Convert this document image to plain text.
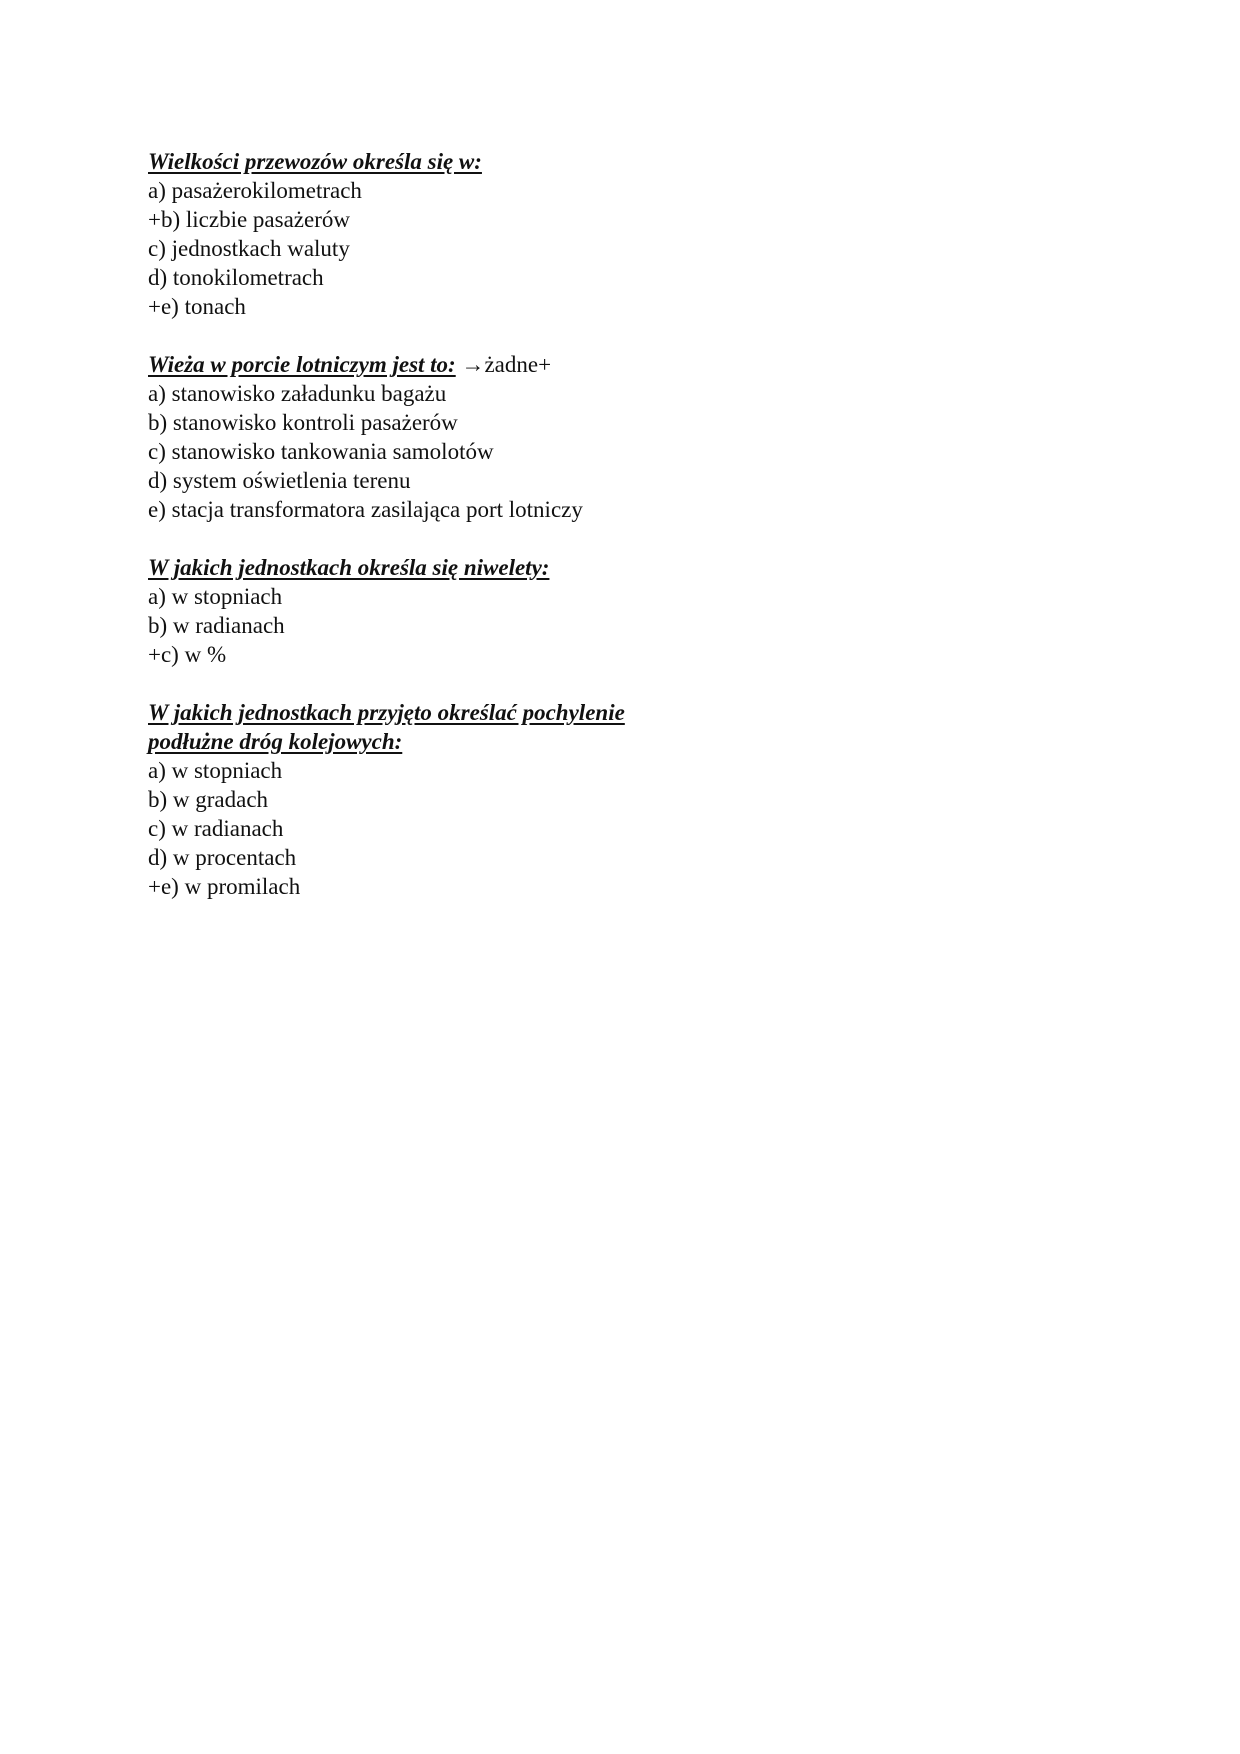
Wielkości przewozów określa się w:
a) pasażerokilometrach
+b) liczbie pasażerów
c) jednostkach waluty
d) tonokilometrach
+e) tonach
Wieża w porcie lotniczym jest to: →żadne+
a) stanowisko załadunku bagażu
b) stanowisko kontroli pasażerów
c) stanowisko tankowania samolotów
d) system oświetlenia terenu
e) stacja transformatora zasilająca port lotniczy
W jakich jednostkach określa się niwelety:
a) w stopniach
b) w radianach
+c) w %
W jakich jednostkach przyjęto określać pochylenie podłużne dróg kolejowych:
a) w stopniach
b) w gradach
c) w radianach
d) w procentach
+e) w promilach
